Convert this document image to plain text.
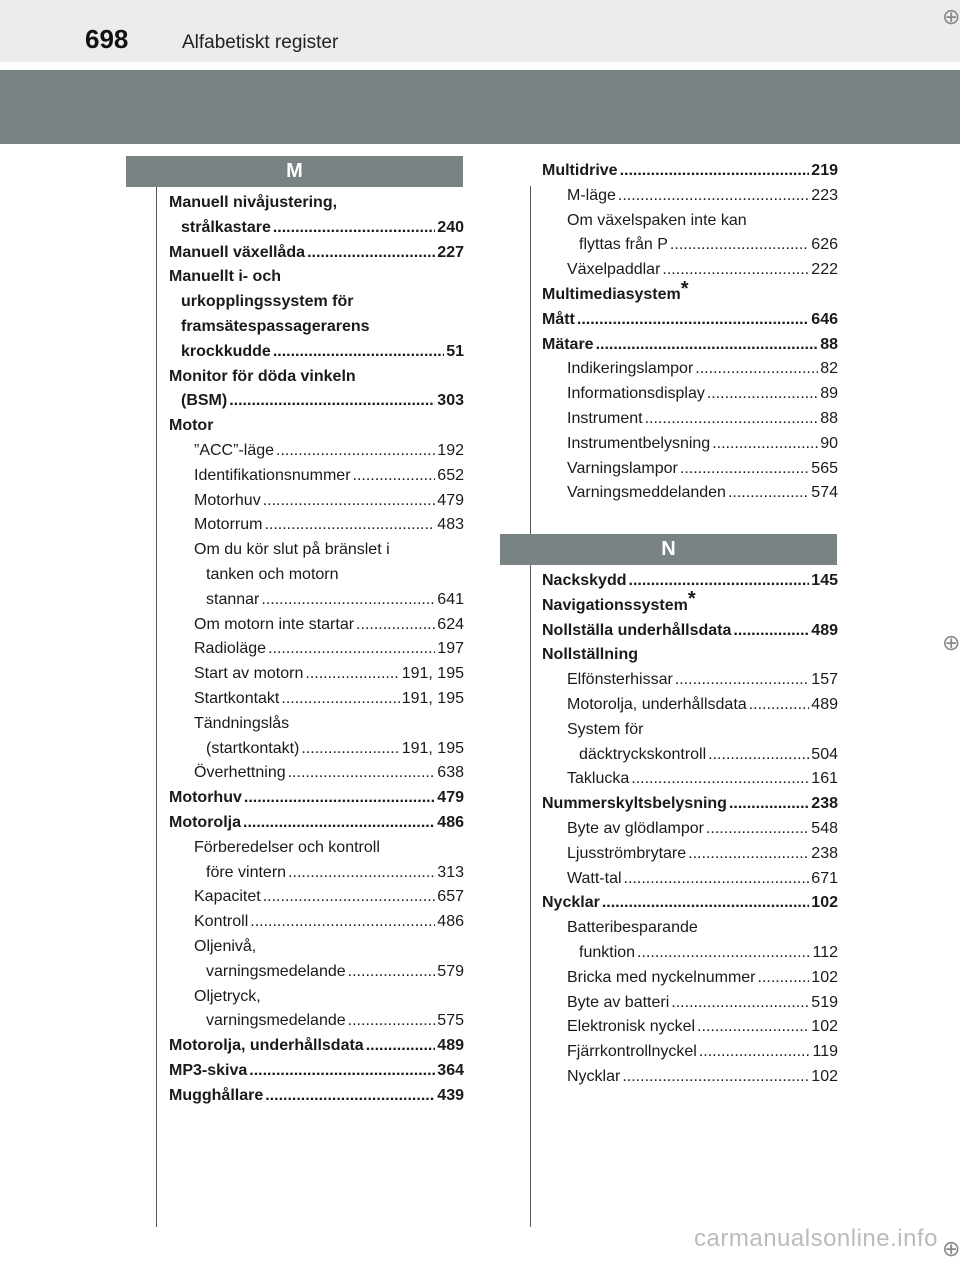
698	Alfabetiskt register
⊕
⊕
⊕
M
Manuell nivåjustering,
strålkastare .....	240
Manuell växellåda .....	227
Manuellt i- och
urkopplingssystem för
framsätespassagerarens
krockkudde .....	51
Monitor för döda vinkeln
(BSM) .....	303
Motor
”ACC”-läge .....	192
Identifikationsnummer .....	652
Motorhuv .....	479
Motorrum .....	483
Om du kör slut på bränslet i
tanken och motorn
stannar .....	641
Om motorn inte startar .....	624
Radioläge .....	197
Start av motorn .....	191, 195
Startkontakt .....	191, 195
Tändningslås
(startkontakt) .....	191, 195
Överhettning .....	638
Motorhuv .....	479
Motorolja .....	486
Förberedelser och kontroll
före vintern .....	313
Kapacitet .....	657
Kontroll .....	486
Oljenivå,
varningsmedelande .....	579
Oljetryck,
varningsmedelande .....	575
Motorolja, underhållsdata .....	489
MP3-skiva .....	364
Mugghållare .....	439
Multidrive .....	219
M-läge .....	223
Om växelspaken inte kan
flyttas från P .....	626
Växelpaddlar .....	222
Multimediasystem*
Mått .....	646
Mätare .....	88
Indikeringslampor .....	82
Informationsdisplay .....	89
Instrument .....	88
Instrumentbelysning .....	90
Varningslampor .....	565
Varningsmeddelanden .....	574
N
Nackskydd .....	145
Navigationssystem*
Nollställa underhållsdata .....	489
Nollställning
Elfönsterhissar .....	157
Motorolja, underhållsdata .....	489
System för
däcktryckskontroll .....	504
Taklucka .....	161
Nummerskyltsbelysning .....	238
Byte av glödlampor .....	548
Ljusströmbrytare .....	238
Watt-tal .....	671
Nycklar .....	102
Batteribesparande
funktion .....	112
Bricka med nyckelnummer .....	102
Byte av batteri .....	519
Elektronisk nyckel .....	102
Fjärrkontrollnyckel .....	119
Nycklar .....	102
carmanualsonline.info
